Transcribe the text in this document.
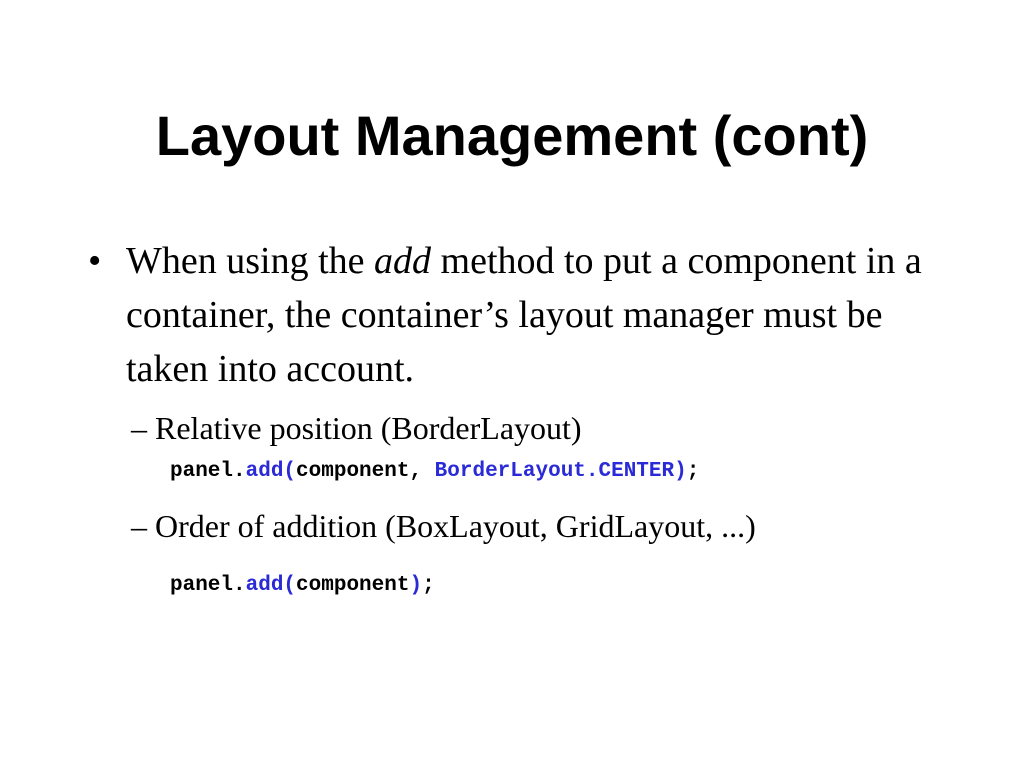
Layout Management (cont)
• When using the add method to put a component in a container, the container’s layout manager must be taken into account.
– Relative position (BorderLayout)
panel.add(component, BorderLayout.CENTER);
– Order of addition (BoxLayout, GridLayout, ...)
panel.add(component);
